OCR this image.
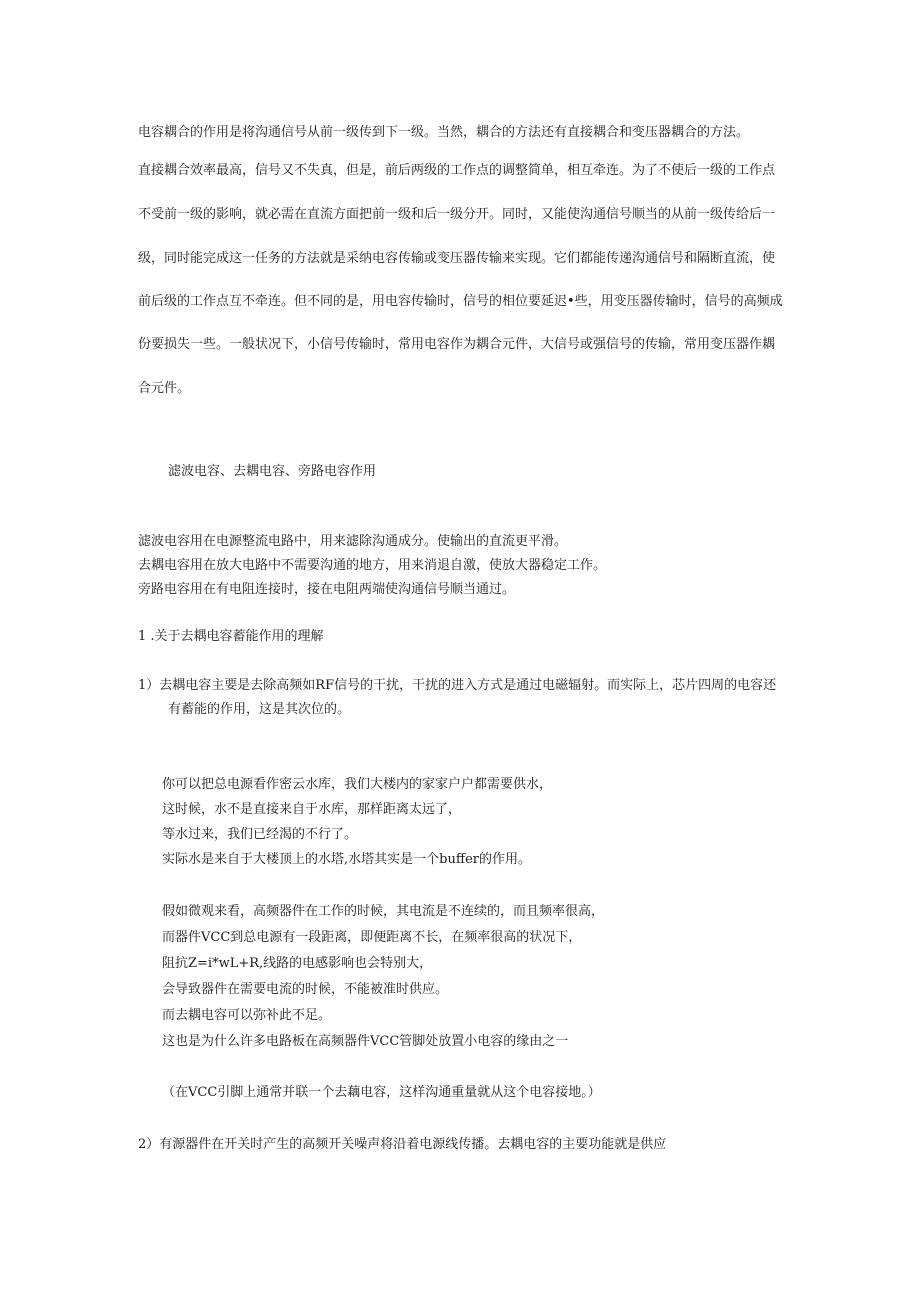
电容耦合的作用是将沟通信号从前一级传到下一级。当然，耦合的方法还有直接耦合和变压器耦合的方法。
直接耦合效率最高，信号又不失真，但是，前后两级的工作点的调整简单，相互牵连。为了不使后一级的工作点
不受前一级的影响，就必需在直流方面把前一级和后一级分开。同时，又能使沟通信号顺当的从前一级传给后一
级，同时能完成这一任务的方法就是采纳电容传输或变压器传输来实现。它们都能传递沟通信号和隔断直流，使
前后级的工作点互不牵连。但不同的是，用电容传输时，信号的相位要延迟•些，用变压器传输时，信号的高频成
份要损失一些。一般状况下，小信号传输时，常用电容作为耦合元件，大信号或强信号的传输，常用变压器作耦
合元件。
滤波电容、去耦电容、旁路电容作用
滤波电容用在电源整流电路中，用来滤除沟通成分。使输出的直流更平滑。
去耦电容用在放大电路中不需要沟通的地方，用来消退自激，使放大器稳定工作。
旁路电容用在有电阻连接时，接在电阻两端使沟通信号顺当通过。
1 .关于去耦电容蓄能作用的理解
1）去耦电容主要是去除高频如RF信号的干扰，干扰的进入方式是通过电磁辐射。而实际上，芯片四周的电容还
有蓄能的作用，这是其次位的。
你可以把总电源看作密云水库，我们大楼内的家家户户都需要供水，
这时候，水不是直接来自于水库，那样距离太远了，
等水过来，我们已经渴的不行了。
实际水是来自于大楼顶上的水塔,水塔其实是一个buffer的作用。
假如微观来看，高频器件在工作的时候，其电流是不连续的，而且频率很高，
而器件VCC到总电源有一段距离，即便距离不长，在频率很高的状况下，
阻抗Z=i*wL+R,线路的电感影响也会特别大，
会导致器件在需要电流的时候，不能被准时供应。
而去耦电容可以弥补此不足。
这也是为什么许多电路板在高频器件VCC管脚处放置小电容的缘由之一
（在VCC引脚上通常并联一个去藕电容，这样沟通重量就从这个电容接地。）
2）有源器件在开关时产生的高频开关噪声将沿着电源线传播。去耦电容的主要功能就是供应
